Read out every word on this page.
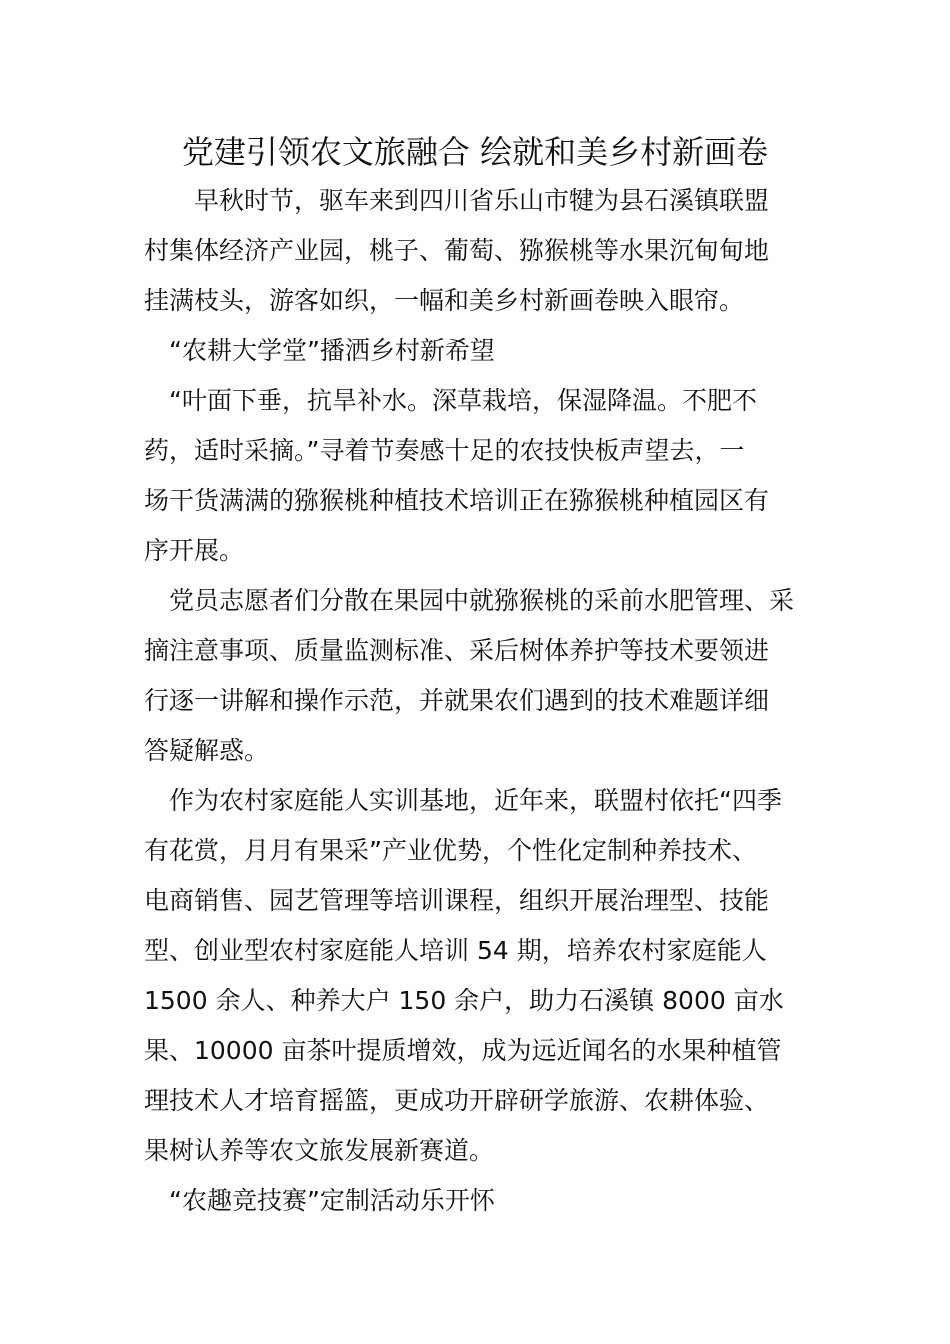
党建引领农文旅融合 绘就和美乡村新画卷
　　早秋时节，驱车来到四川省乐山市犍为县石溪镇联盟
村集体经济产业园，桃子、葡萄、猕猴桃等水果沉甸甸地
挂满枝头，游客如织，一幅和美乡村新画卷映入眼帘。
　“农耕大学堂”播洒乡村新希望
　“叶面下垂，抗旱补水。深草栽培，保湿降温。不肥不
药，适时采摘。”寻着节奏感十足的农技快板声望去，一
场干货满满的猕猴桃种植技术培训正在猕猴桃种植园区有
序开展。
　党员志愿者们分散在果园中就猕猴桃的采前水肥管理、采
摘注意事项、质量监测标准、采后树体养护等技术要领进
行逐一讲解和操作示范，并就果农们遇到的技术难题详细
答疑解惑。
　作为农村家庭能人实训基地，近年来，联盟村依托“四季
有花赏，月月有果采”产业优势，个性化定制种养技术、
电商销售、园艺管理等培训课程，组织开展治理型、技能
型、创业型农村家庭能人培训 54 期，培养农村家庭能人
1500 余人、种养大户 150 余户，助力石溪镇 8000 亩水
果、10000 亩茶叶提质增效，成为远近闻名的水果种植管
理技术人才培育摇篮，更成功开辟研学旅游、农耕体验、
果树认养等农文旅发展新赛道。
　“农趣竞技赛”定制活动乐开怀
